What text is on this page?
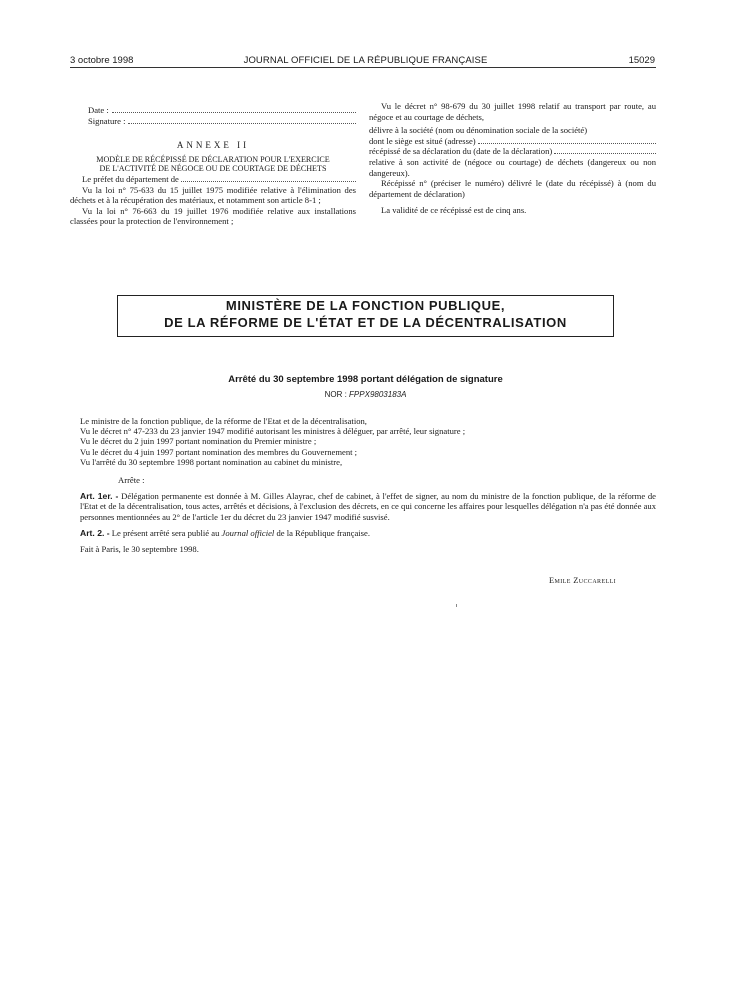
3 octobre 1998	JOURNAL OFFICIEL DE LA RÉPUBLIQUE FRANÇAISE	15029
Date :
Signature :
ANNEXE II
MODÈLE DE RÉCÉPISSÉ DE DÉCLARATION POUR L'EXERCICE
DE L'ACTIVITÉ DE NÉGOCE OU DE COURTAGE DE DÉCHETS
Le préfet du département de

Vu la loi n° 75-633 du 15 juillet 1975 modifiée relative à l'élimination des déchets et à la récupération des matériaux, et notamment son article 8-1 ;

Vu la loi n° 76-663 du 19 juillet 1976 modifiée relative aux installations classées pour la protection de l'environnement ;

Vu le décret n° 98-679 du 30 juillet 1998 relatif au transport par route, au négoce et au courtage de déchets,

délivre à la société (nom ou dénomination sociale de la société)

dont le siège est situé (adresse)
récépissé de sa déclaration du (date de la déclaration)

relative à son activité de (négoce ou courtage) de déchets (dangereux ou non dangereux).

Récépissé n° (préciser le numéro) délivré le (date du récépissé) à (nom du département de déclaration)

La validité de ce récépissé est de cinq ans.

MINISTÈRE DE LA FONCTION PUBLIQUE,
DE LA RÉFORME DE L'ÉTAT ET DE LA DÉCENTRALISATION
Arrêté du 30 septembre 1998 portant délégation de signature
NOR : FPPX9803183A

Le ministre de la fonction publique, de la réforme de l'Etat et de la décentralisation,

Vu le décret n° 47-233 du 23 janvier 1947 modifié autorisant les ministres à déléguer, par arrêté, leur signature ;

Vu le décret du 2 juin 1997 portant nomination du Premier ministre ;

Vu le décret du 4 juin 1997 portant nomination des membres du Gouvernement ;

Vu l'arrêté du 30 septembre 1998 portant nomination au cabinet du ministre,

Arrête :

Art. 1er. - Délégation permanente est donnée à M. Gilles Alayrac, chef de cabinet, à l'effet de signer, au nom du ministre de la fonction publique, de la réforme de l'Etat et de la décentralisation, tous actes, arrêtés et décisions, à l'exclusion des décrets, en ce qui concerne les affaires pour lesquelles délégation n'a pas été donnée aux personnes mentionnées au 2° de l'article 1er du décret du 23 janvier 1947 modifié susvisé.

Art. 2. - Le présent arrêté sera publié au Journal officiel de la République française.

Fait à Paris, le 30 septembre 1998.

Emile Zuccarelli
